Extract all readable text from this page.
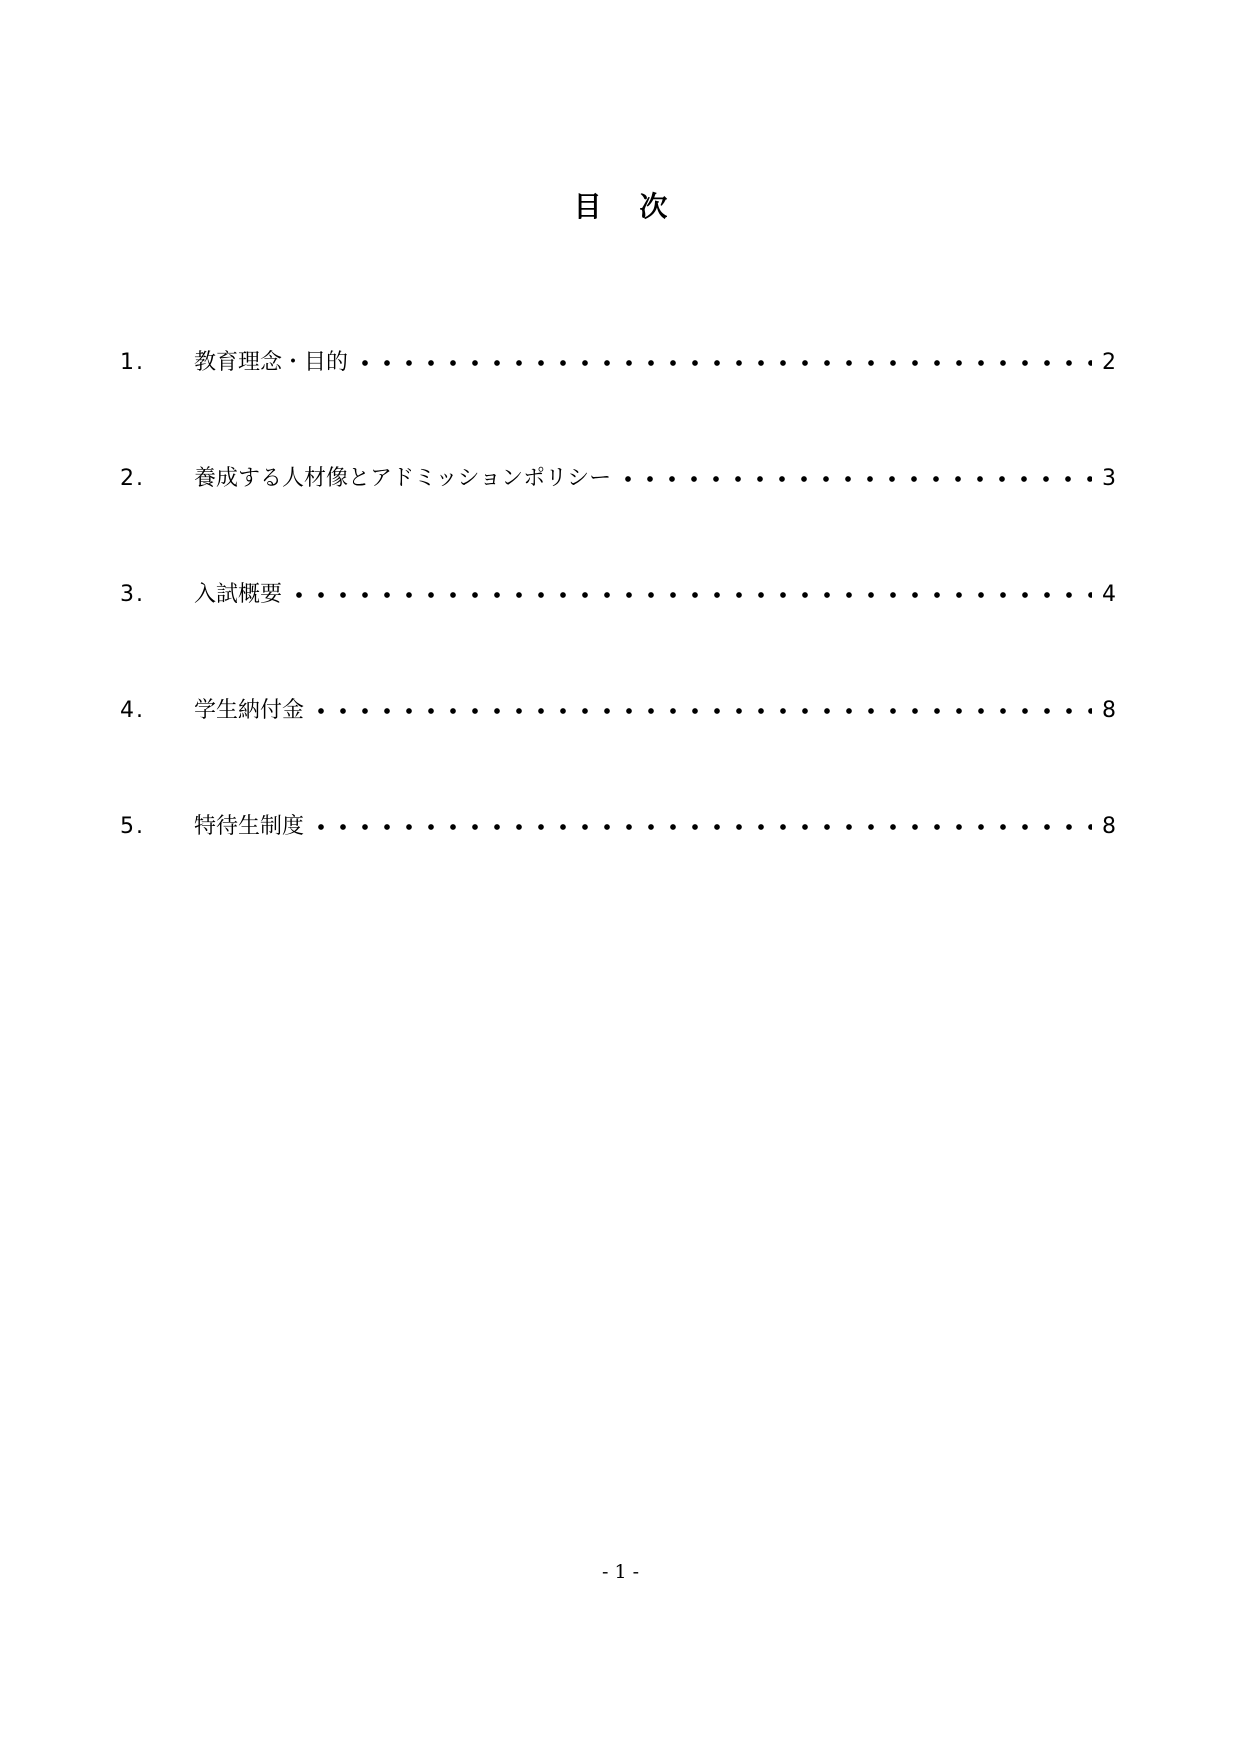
目 次
1.	教育理念・目的	2
2.	養成する人材像とアドミッションポリシー	3
3.	入試概要	4
4.	学生納付金	8
5.	特待生制度	8
- 1 -
